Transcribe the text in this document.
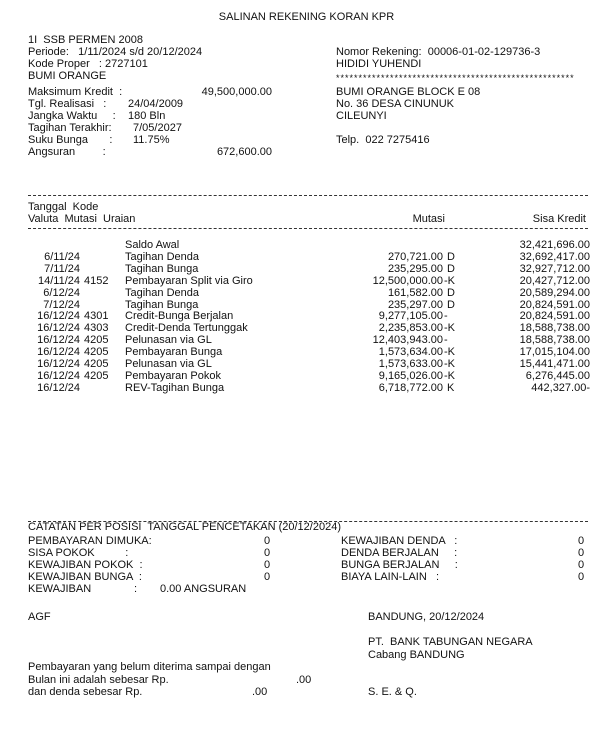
SALINAN REKENING KORAN KPR
1I  SSB PERMEN 2008
Periode:   1/11/2024 s/d 20/12/2024
Kode Proper   : 2727101
BUMI ORANGE
Maksimum Kredit  :	49,500,000.00
Tgl. Realisasi   : 24/04/2009
Jangka Waktu     : 180 Bln
Tagihan Terakhir: 7/05/2027
Suku Bunga       : 11.75%
Angsuran         :	672,600.00
Nomor Rekening:  00006-01-02-129736-3
HIDIDI YUHENDI
*****************************************************
BUMI ORANGE BLOCK E 08
No. 36 DESA CINUNUK
CILEUNYI
Telp.  022 7275416
Tanggal  Kode
Valuta  Mutasi  Uraian	Mutasi	Sisa Kredit
Saldo Awal	32,421,696.00
6/11/24	Tagihan Denda	270,721.00 D	32,692,417.00
7/11/24	Tagihan Bunga	235,295.00 D	32,927,712.00
14/11/24 4152 Pembayaran Split via Giro	12,500,000.00 -K	20,427,712.00
6/12/24	Tagihan Denda	161,582.00 D	20,589,294.00
7/12/24	Tagihan Bunga	235,297.00 D	20,824,591.00
16/12/24 4301 Credit-Bunga Berjalan	9,277,105.00 -	20,824,591.00
16/12/24 4303 Credit-Denda Tertunggak	2,235,853.00 -K	18,588,738.00
16/12/24 4205 Pelunasan via GL	12,403,943.00 -	18,588,738.00
16/12/24 4205 Pembayaran Bunga	1,573,634.00 -K	17,015,104.00
16/12/24 4205 Pelunasan via GL	1,573,633.00 -K	15,441,471.00
16/12/24 4205 Pembayaran Pokok	9,165,026.00 -K	6,276,445.00
16/12/24	REV-Tagihan Bunga	6,718,772.00 K	442,327.00-
CATATAN PER POSISI  TANGGAL PENCETAKAN (20/12/2024)
PEMBAYARAN DIMUKA:	0
SISA POKOK          :	0
KEWAJIBAN POKOK  :	0
KEWAJIBAN BUNGA  :	0
KEWAJIBAN DENDA   :	0
DENDA BERJALAN     :	0
BUNGA BERJALAN     :	0
BIAYA LAIN-LAIN   :	0
KEWAJIBAN              : 0.00 ANGSURAN
AGF	BANDUNG, 20/12/2024
PT.  BANK TABUNGAN NEGARA
Cabang BANDUNG
Pembayaran yang belum diterima sampai dengan
Bulan ini adalah sebesar Rp.	.00
dan denda sebesar Rp.	.00	S. E. & Q.
